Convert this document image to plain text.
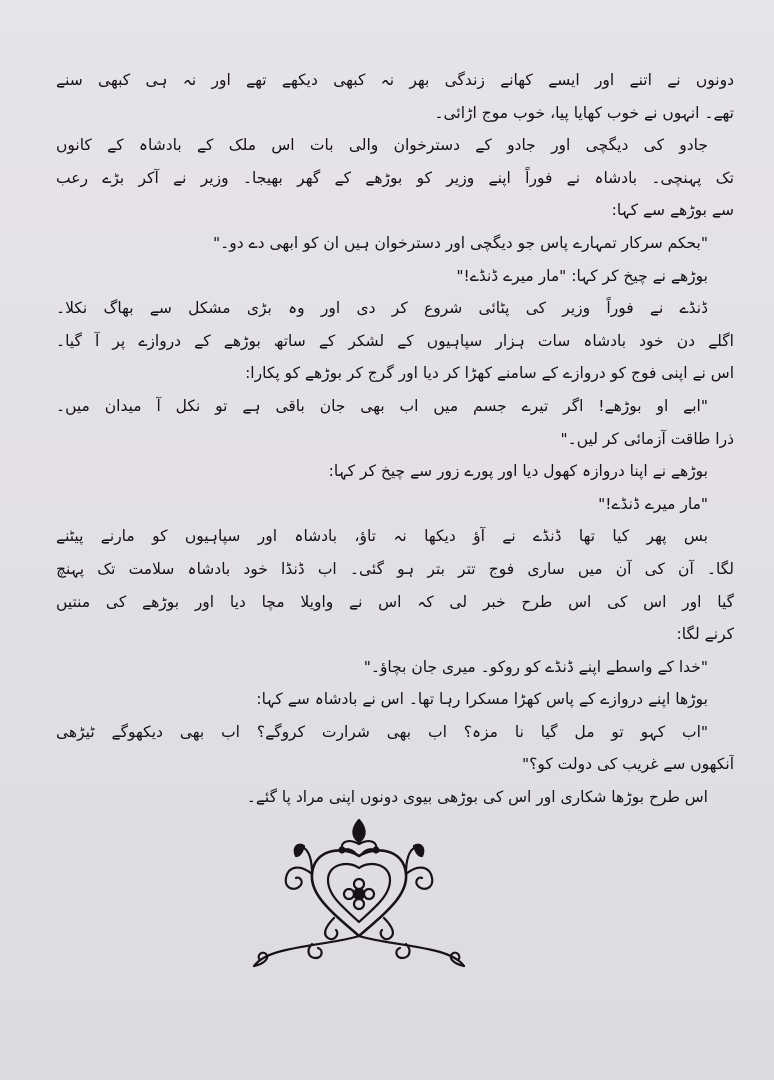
دونوں نے اتنے اور ایسے کھانے زندگی بھر نہ کبھی دیکھے تھے اور نہ ہی کبھی سنے
تھے۔ انہوں نے خوب کھایا پیا، خوب موج اڑائی۔
جادو کی دیگچی اور جادو کے دسترخوان والی بات اس ملک کے بادشاہ کے کانوں
تک پہنچی۔ بادشاہ نے فوراً اپنے وزیر کو بوڑھے کے گھر بھیجا۔ وزیر نے آکر بڑے رعب
سے بوڑھے سے کہا:
"بحکم سرکار تمہارے پاس جو دیگچی اور دسترخوان ہیں ان کو ابھی دے دو۔"
بوڑھے نے چیخ کر کہا: "مار میرے ڈنڈے!"
ڈنڈے نے فوراً وزیر کی پٹائی شروع کر دی اور وہ بڑی مشکل سے بھاگ نکلا۔
اگلے دن خود بادشاہ سات ہزار سپاہیوں کے لشکر کے ساتھ بوڑھے کے دروازے پر آ گیا۔
اس نے اپنی فوج کو دروازے کے سامنے کھڑا کر دیا اور گرج کر بوڑھے کو پکارا:
"ابے او بوڑھے! اگر تیرے جسم میں اب بھی جان باقی ہے تو نکل آ میدان میں۔
ذرا طاقت آزمائی کر لیں۔"
بوڑھے نے اپنا دروازہ کھول دیا اور پورے زور سے چیخ کر کہا:
"مار میرے ڈنڈے!"
بس پھر کیا تھا ڈنڈے نے آؤ دیکھا نہ تاؤ، بادشاہ اور سپاہیوں کو مارنے پیٹنے
لگا۔ آن کی آن میں ساری فوج تتر بتر ہو گئی۔ اب ڈنڈا خود بادشاہ سلامت تک پہنچ
گیا اور اس کی اس طرح خبر لی کہ اس نے واویلا مچا دیا اور بوڑھے کی منتیں
کرنے لگا:
"خدا کے واسطے اپنے ڈنڈے کو روکو۔ میری جان بچاؤ۔"
بوڑھا اپنے دروازے کے پاس کھڑا مسکرا رہا تھا۔ اس نے بادشاہ سے کہا:
"اب کہو تو مل گیا نا مزہ؟ اب بھی شرارت کروگے؟ اب بھی دیکھوگے ٹیڑھی
آنکھوں سے غریب کی دولت کو؟"
اس طرح بوڑھا شکاری اور اس کی بوڑھی بیوی دونوں اپنی مراد پا گئے۔
